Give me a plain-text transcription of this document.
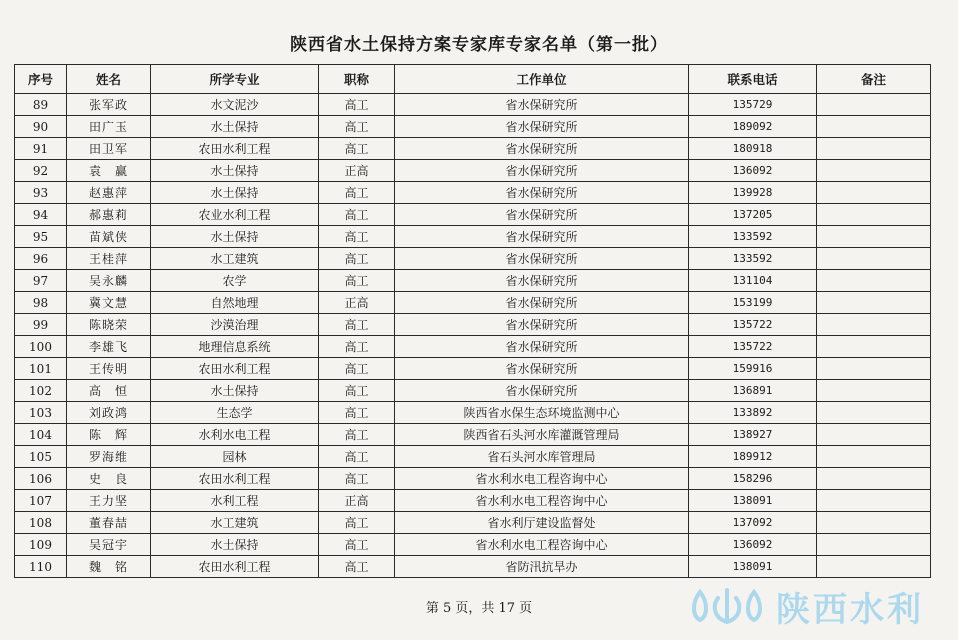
陕西省水土保持方案专家库专家名单（第一批）
序号	姓名	所学专业	职称	工作单位	联系电话	备注
89	张军政	水文泥沙	高工	省水保研究所	135729	
90	田广玉	水土保持	高工	省水保研究所	189092	
91	田卫军	农田水利工程	高工	省水保研究所	180918	
92	袁　赢	水土保持	正高	省水保研究所	136092	
93	赵惠萍	水土保持	高工	省水保研究所	139928	
94	郝惠莉	农业水利工程	高工	省水保研究所	137205	
95	苗斌侠	水土保持	高工	省水保研究所	133592	
96	王桂萍	水工建筑	高工	省水保研究所	133592	
97	吴永麟	农学	高工	省水保研究所	131104	
98	冀文慧	自然地理	正高	省水保研究所	153199	
99	陈晓荣	沙漠治理	高工	省水保研究所	135722	
100	李雄飞	地理信息系统	高工	省水保研究所	135722	
101	王传明	农田水利工程	高工	省水保研究所	159916	
102	高　恒	水土保持	高工	省水保研究所	136891	
103	刘政鸿	生态学	高工	陕西省水保生态环境监测中心	133892	
104	陈　辉	水利水电工程	高工	陕西省石头河水库灌溉管理局	138927	
105	罗海维	园林	高工	省石头河水库管理局	189912	
106	史　良	农田水利工程	高工	省水利水电工程咨询中心	158296	
107	王力坚	水利工程	正高	省水利水电工程咨询中心	138091	
108	董春喆	水工建筑	高工	省水利厅建设监督处	137092	
109	吴冠宇	水土保持	高工	省水利水电工程咨询中心	136092	
110	魏　铭	农田水利工程	高工	省防汛抗旱办	138091	
第 5 页，共 17 页	陕西水利
